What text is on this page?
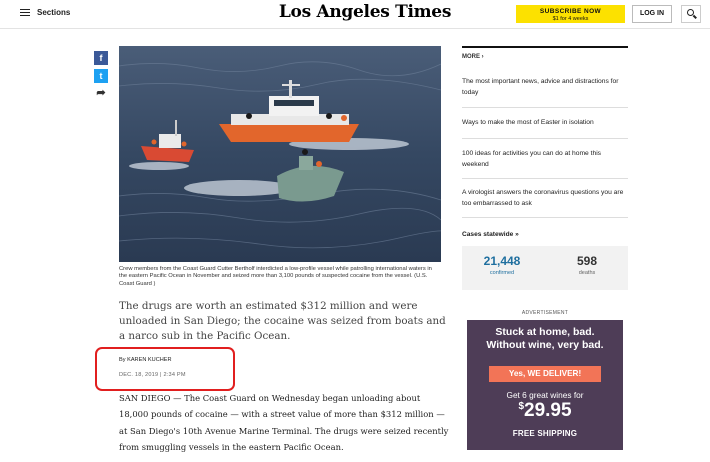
Sections	Los Angeles Times	SUBSCRIBE NOW
$1 for 4 weeks
LOG IN
f
t
➦
Crew members from the Coast Guard Cutter Bertholf interdicted a low-profile vessel while patrolling international waters in the eastern Pacific Ocean in November and seized more than 3,100 pounds of suspected cocaine from the vessel. (U.S. Coast Guard )
The drugs are worth an estimated $312 million and were unloaded in San Diego; the cocaine was seized from boats and a narco sub in the Pacific Ocean.
By KAREN KUCHER
DEC. 18, 2019 | 2:34 PM
SAN DIEGO — The Coast Guard on Wednesday began unloading about 18,000 pounds of cocaine — with a street value of more than $312 million — at San Diego's 10th Avenue Marine Terminal. The drugs were seized recently from smuggling vessels in the eastern Pacific Ocean.
MORE ›
The most important news, advice and distractions for today
Ways to make the most of Easter in isolation
100 ideas for activities you can do at home this weekend
A virologist answers the coronavirus questions you are too embarrassed to ask
Cases statewide »
21,448
confirmed
598
deaths
ADVERTISEMENT
Stuck at home, bad.
Without wine, very bad.
Yes, WE DELIVER!
Get 6 great wines for
$29.95
FREE SHIPPING
